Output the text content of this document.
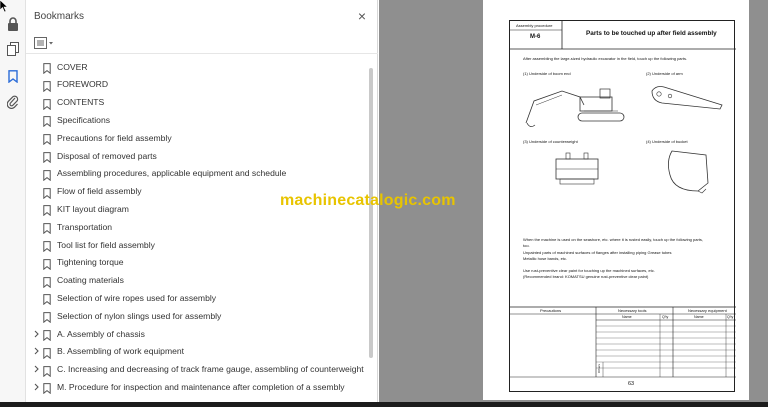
Bookmarks	×
COVER
FOREWORD
CONTENTS
Specifications
Precautions for field assembly
Disposal of removed parts
Assembling procedures, applicable equipment and schedule
Flow of field assembly
KIT layout diagram
Transportation
Tool list for field assembly
Tightening torque
Coating materials
Selection of wire ropes used for assembly
Selection of nylon slings used for assembly
A. Assembly of chassis
B. Assembling of work equipment
C. Increasing and decreasing of track frame gauge, assembling of counterweight
M. Procedure for inspection and maintenance after completion of a ssembly
Assembly procedure
M-6	Parts to be touched up after field assembly
After assembling the large-sized hydraulic excavator in the field, touch up the following parts.
(1) Underside of boom end	(2) Underside of arm
(3) Underside of counterweight	(4) Underside of bucket
When the machine is used on the seashore, etc. where it is rusted easily, touch up the following parts,
too.
Unpainted parts of machined surfaces of flanges after installing piping Grease tubes
Metallic hose bands, etc.
Use rust-preventive clear paint for touching up the machined surfaces, etc.
(Recommended brand: KOMATSU genuine rust-preventive clear paint)
Precautions	Necessary tools	Necessary equipment
Name	Q'ty	Name	Q'ty
Others
63
machinecatalogic.com
